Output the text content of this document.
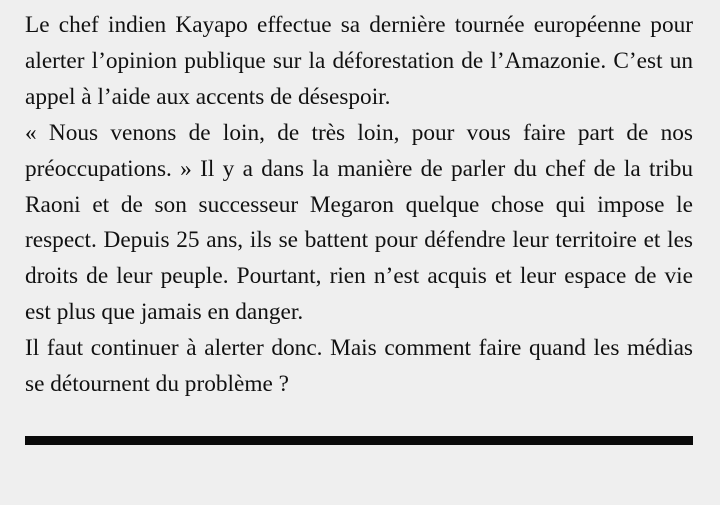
Le chef indien Kayapo effectue sa dernière tournée européenne pour alerter l’opinion publique sur la déforestation de l’Amazonie. C’est un appel à l’aide aux accents de désespoir.

« Nous venons de loin, de très loin, pour vous faire part de nos préoccupations. » Il y a dans la manière de parler du chef de la tribu Raoni et de son successeur Megaron quelque chose qui impose le respect. Depuis 25 ans, ils se battent pour défendre leur territoire et les droits de leur peuple. Pourtant, rien n’est acquis et leur espace de vie est plus que jamais en danger.

Il faut continuer à alerter donc. Mais comment faire quand les médias se détournent du problème ?
